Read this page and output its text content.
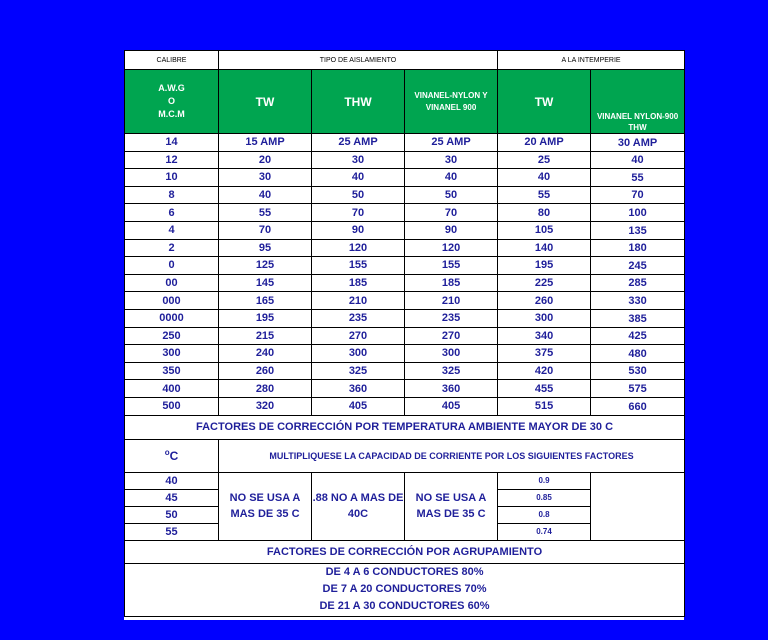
CALIBRE	TIPO DE AISLAMIENTO			A LA INTEMPERIE	

A.W.G
O
M.C.M	TW	THW	VINANEL-NYLON Y VINANEL 900	TW	VINANEL NYLON-900 THW
14	15 AMP	25 AMP	25 AMP	20 AMP	30 AMP
12	20	30	30	25	40
10	30	40	40	40	55
8	40	50	50	55	70
6	55	70	70	80	100
4	70	90	90	105	135
2	95	120	120	140	180
0	125	155	155	195	245
00	145	185	185	225	285
000	165	210	210	260	330
0000	195	235	235	300	385
250	215	270	270	340	425
300	240	300	300	375	480
350	260	325	325	420	530
400	280	360	360	455	575
500	320	405	405	515	660
FACTORES DE CORRECCIÓN POR TEMPERATURA AMBIENTE MAYOR DE 30 C					
$^o$C	MULTIPLIQUESE LA CAPACIDAD DE CORRIENTE POR LOS SIGUIENTES FACTORES				
40	NO SE USA A MAS DE 35 C	.88 NO A MAS DE 40C	NO SE USA A MAS DE 35 C	0.9	
45				0.85	
50				0.8	
55				0.74	
FACTORES DE CORRECCIÓN POR AGRUPAMIENTO					

DE 4 A 6 CONDUCTORES 80%
DE 7 A 20 CONDUCTORES 70%
DE 21 A 30 CONDUCTORES 60%					
